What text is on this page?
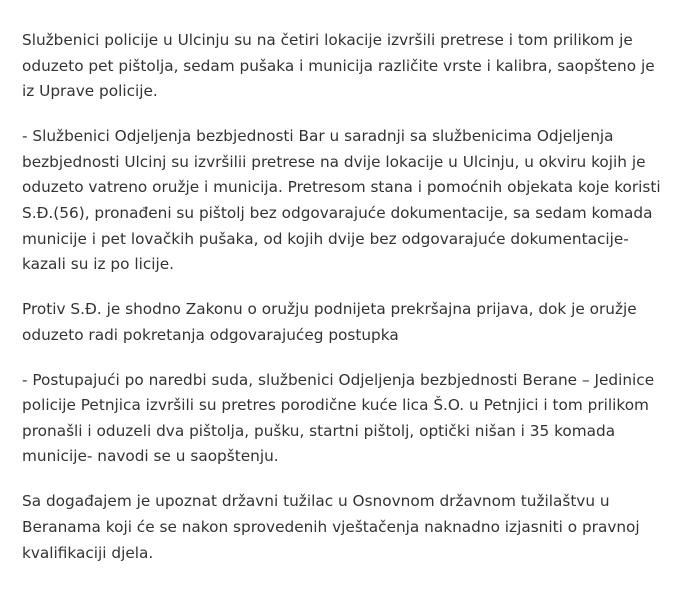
Službenici policije u Ulcinju su na četiri lokacije izvršili pretrese i tom prilikom je oduzeto pet pištolja, sedam pušaka i municija različite vrste i kalibra, saopšteno je iz Uprave policije.

- Službenici Odjeljenja bezbjednosti Bar u saradnji sa službenicima Odjeljenja bezbjednosti Ulcinj su izvršilii pretrese na dvije lokacije u Ulcinju, u okviru kojih je oduzeto vatreno oružje i municija. Pretresom stana i pomoćnih objekata koje koristi S.Đ.(56), pronađeni su pištolj bez odgovarajuće dokumentacije, sa sedam komada municije i pet lovačkih pušaka, od kojih dvije bez odgovarajuće dokumentacije- kazali su iz po licije.

Protiv S.Đ. je shodno Zakonu o oružju podnijeta prekršajna prijava, dok je oružje oduzeto radi pokretanja odgovarajućeg postupka

- Postupajući po naredbi suda, službenici Odjeljenja bezbjednosti Berane – Jedinice policije Petnjica izvršili su pretres porodične kuće lica Š.O. u Petnjici i tom prilikom pronašli i oduzeli dva pištolja, pušku, startni pištolj, optički nišan i 35 komada municije- navodi se u saopštenju.

Sa događajem je upoznat državni tužilac u Osnovnom državnom tužilaštvu u Beranama koji će se nakon sprovedenih vještačenja naknadno izjasniti o pravnoj kvalifikaciji djela.
